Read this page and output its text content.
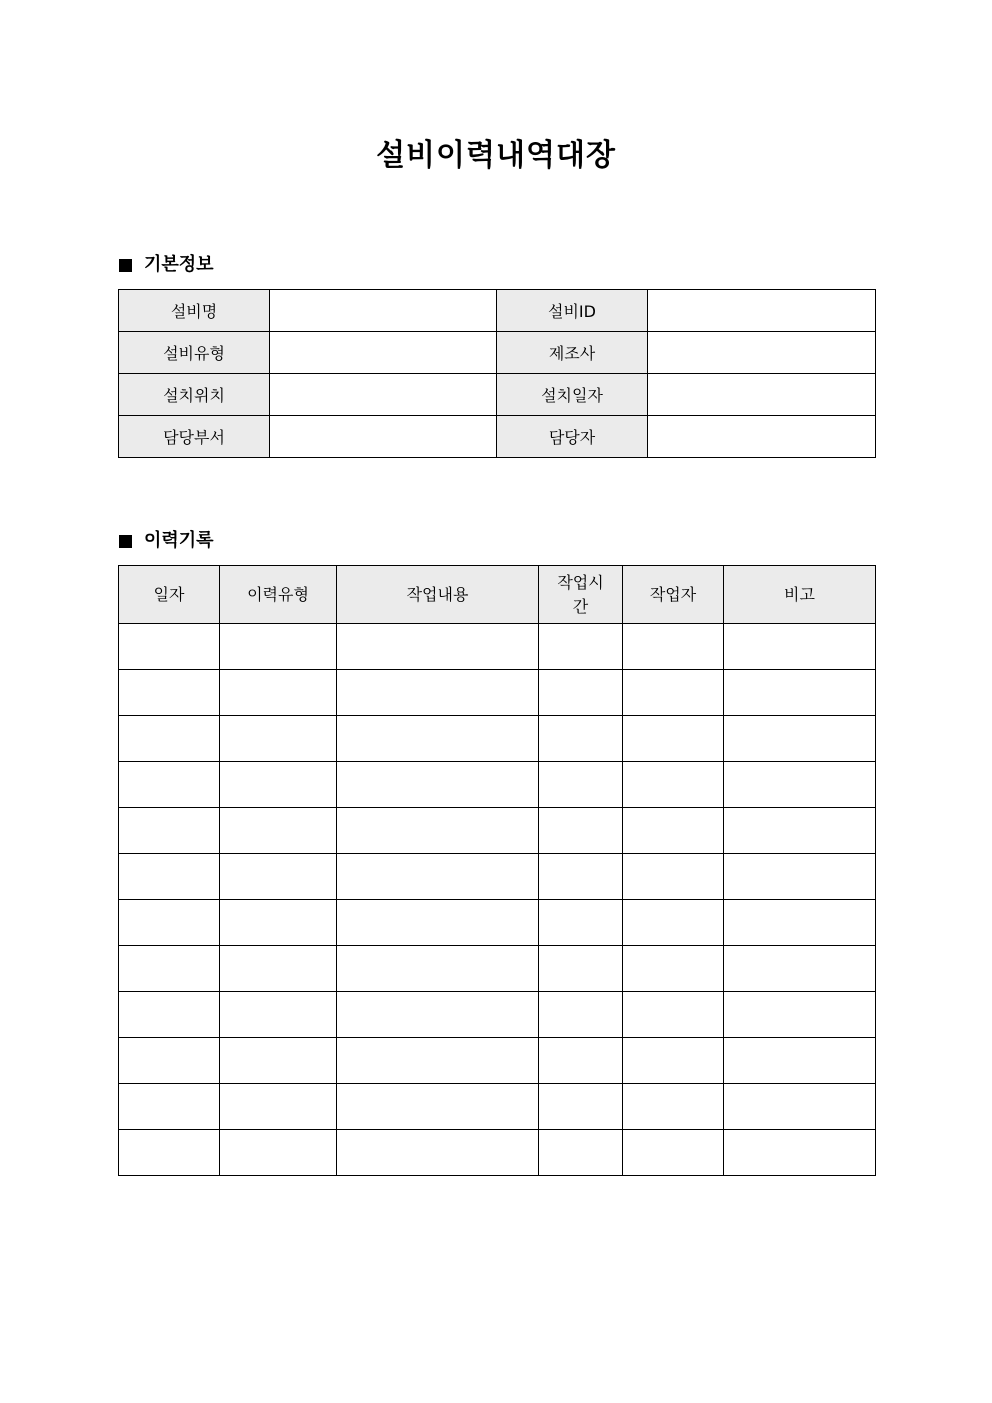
설비이력내역대장
기본정보
설비명		설비ID	
설비유형		제조사	
설치위치		설치일자	
담당부서		담당자	
이력기록
일자	이력유형	작업내용	작업시간	작업자	비고
